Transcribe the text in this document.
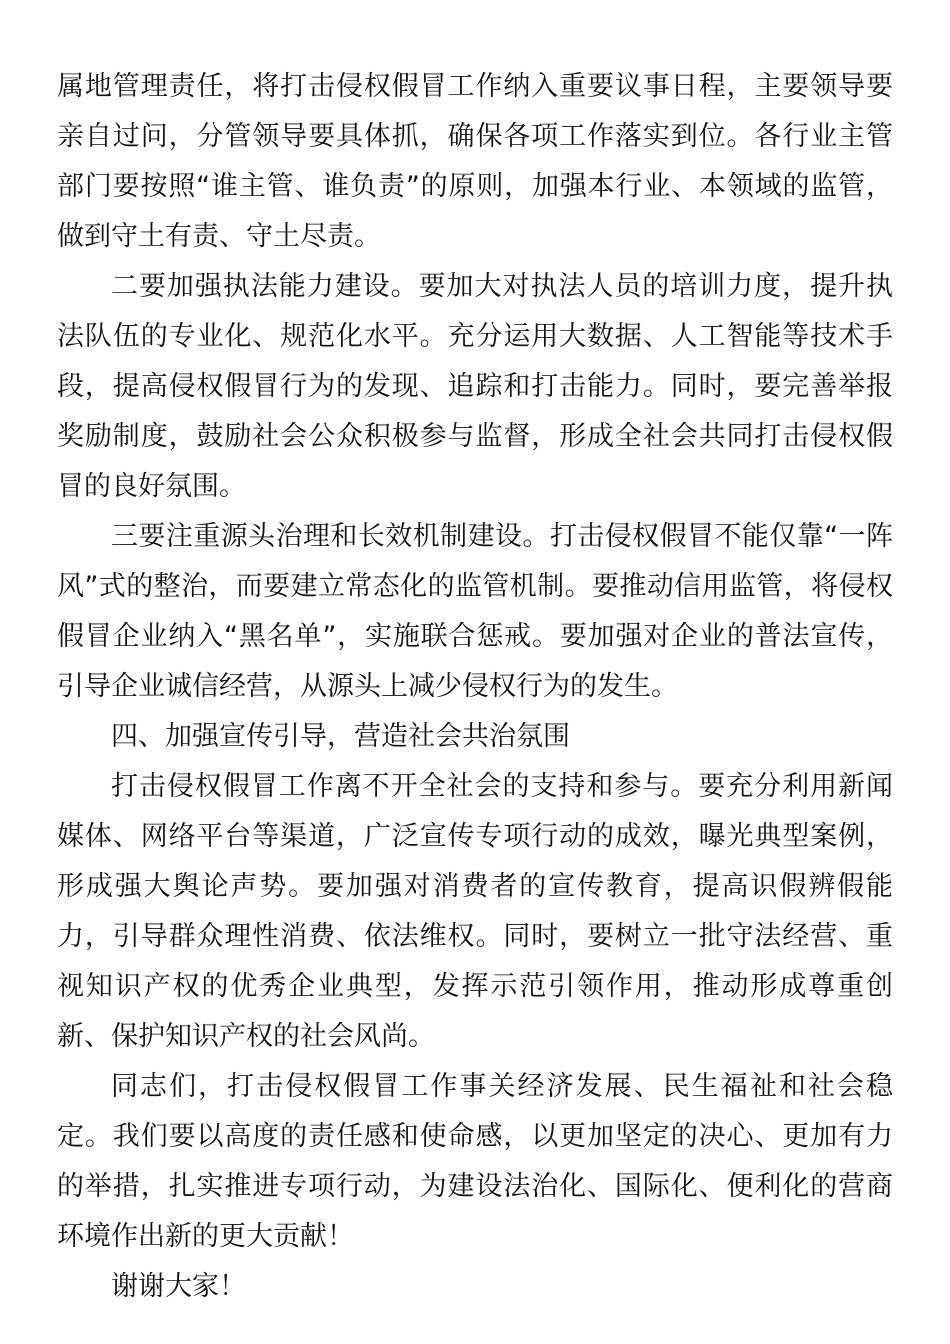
属地管理责任，将打击侵权假冒工作纳入重要议事日程，主要领导要亲自过问，分管领导要具体抓，确保各项工作落实到位。各行业主管部门要按照“谁主管、谁负责”的原则，加强本行业、本领域的监管，做到守土有责、守土尽责。

二要加强执法能力建设。要加大对执法人员的培训力度，提升执法队伍的专业化、规范化水平。充分运用大数据、人工智能等技术手段，提高侵权假冒行为的发现、追踪和打击能力。同时，要完善举报奖励制度，鼓励社会公众积极参与监督，形成全社会共同打击侵权假冒的良好氛围。

三要注重源头治理和长效机制建设。打击侵权假冒不能仅靠“一阵风”式的整治，而要建立常态化的监管机制。要推动信用监管，将侵权假冒企业纳入“黑名单”，实施联合惩戒。要加强对企业的普法宣传，引导企业诚信经营，从源头上减少侵权行为的发生。

四、加强宣传引导，营造社会共治氛围

打击侵权假冒工作离不开全社会的支持和参与。要充分利用新闻媒体、网络平台等渠道，广泛宣传专项行动的成效，曝光典型案例，形成强大舆论声势。要加强对消费者的宣传教育，提高识假辨假能力，引导群众理性消费、依法维权。同时，要树立一批守法经营、重视知识产权的优秀企业典型，发挥示范引领作用，推动形成尊重创新、保护知识产权的社会风尚。

同志们，打击侵权假冒工作事关经济发展、民生福祉和社会稳定。我们要以高度的责任感和使命感，以更加坚定的决心、更加有力的举措，扎实推进专项行动，为建设法治化、国际化、便利化的营商环境作出新的更大贡献！

谢谢大家！
